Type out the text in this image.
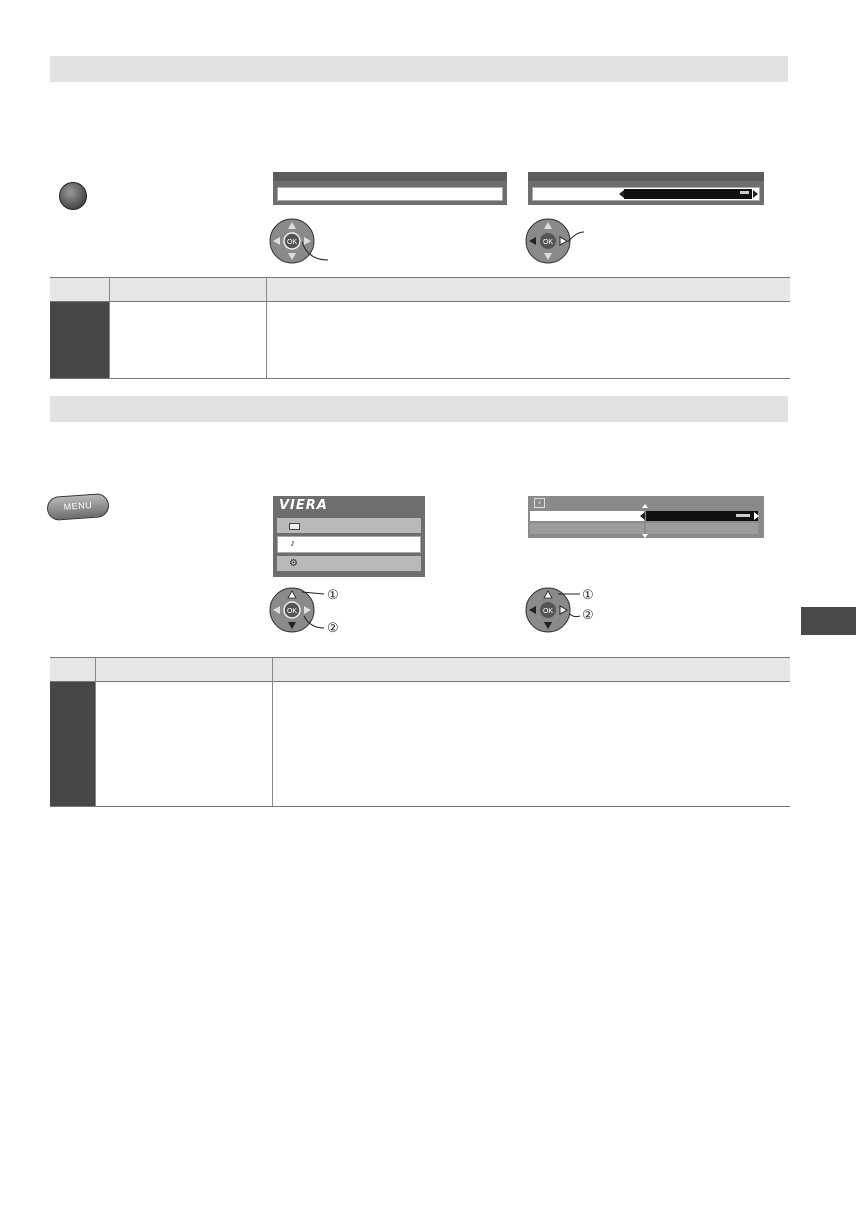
OK	OK
MENU	VIERA
♪
⚙
♪
OK
①
②
OK
①
②
